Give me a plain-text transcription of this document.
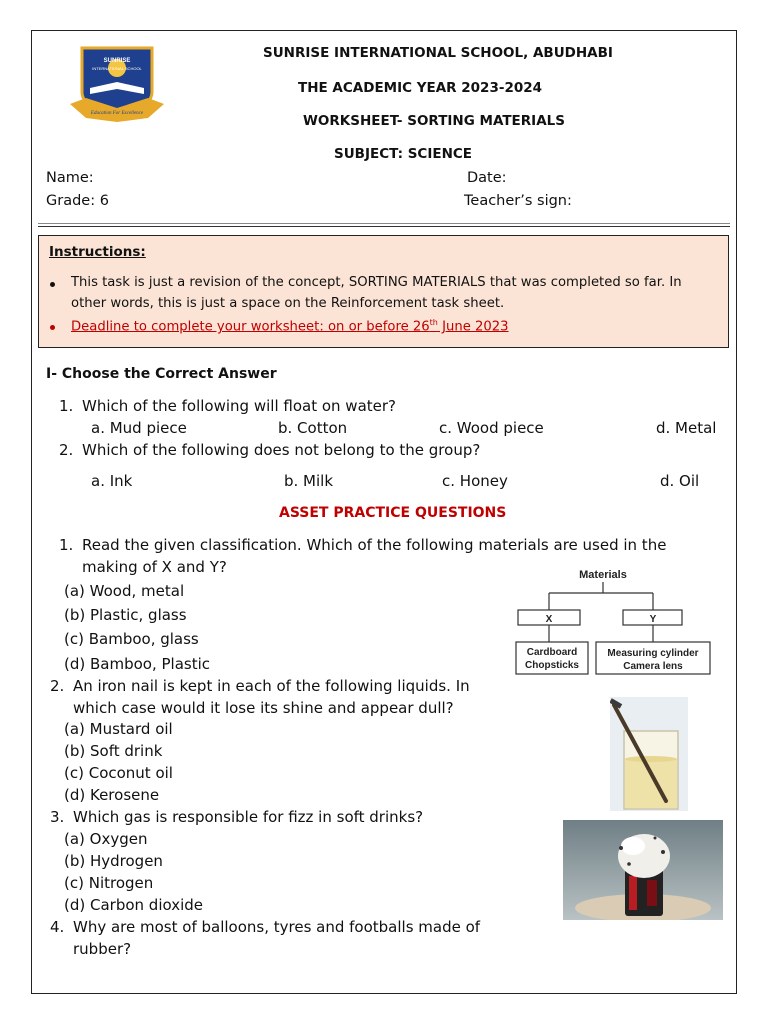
SUNRISE
INTERNATIONAL SCHOOL
Education For Excellence
SUNRISE INTERNATIONAL SCHOOL, ABUDHABI
THE ACADEMIC YEAR 2023-2024
WORKSHEET- SORTING MATERIALS
SUBJECT: SCIENCE
Name:	Date:
Grade: 6	Teacher’s sign:
Instructions:
This task is just a revision of the concept, SORTING MATERIALS that was completed so far. In
other words, this is just a space on the Reinforcement task sheet.
Deadline to complete your worksheet: on or before 26th June 2023
I- Choose the Correct Answer
1. Which of the following will float on water?
a. Mud piece	b. Cotton	c. Wood piece	d. Metal
2. Which of the following does not belong to the group?
a. Ink	b. Milk	c. Honey	d. Oil
ASSET PRACTICE QUESTIONS
1. Read the given classification. Which of the following materials are used in the
making of X and Y?
(a) Wood, metal
(b) Plastic, glass
(c) Bamboo, glass
(d) Bamboo, Plastic
Materials
X	Y
Cardboard
Chopsticks
Measuring cylinder
Camera lens
2. An iron nail is kept in each of the following liquids. In
which case would it lose its shine and appear dull?
(a) Mustard oil
(b) Soft drink
(c) Coconut oil
(d) Kerosene
3. Which gas is responsible for fizz in soft drinks?
(a) Oxygen
(b) Hydrogen
(c) Nitrogen
(d) Carbon dioxide
4. Why are most of balloons, tyres and footballs made of
rubber?
